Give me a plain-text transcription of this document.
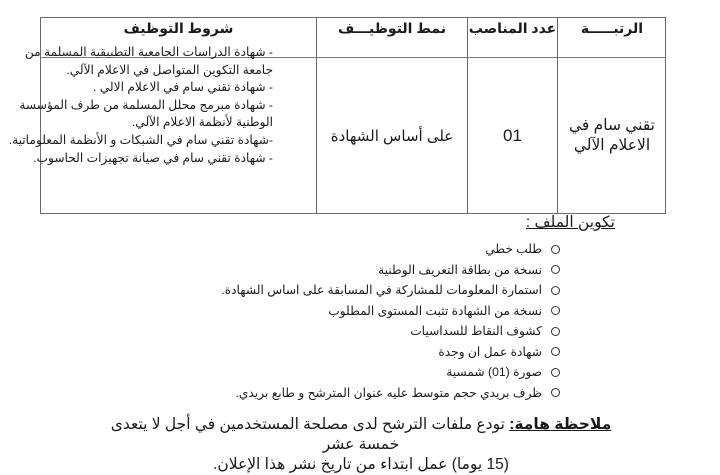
الرتبـــــة
عدد المناصب
نمط التوظيـــف
شروط التوظيف
تقني سام في
الاعلام الآلي
01
على أساس الشهادة
- شهادة الدراسات الجامعية التطبيقية المسلمة من
جامعة التكوين المتواصل في الاعلام الآلي.
- شهادة تقني سام في الاعلام الالي .
- شهادة مبرمج محلل المسلمة من طرف المؤسسة
الوطنية لأنظمة الاعلام الآلي.
-شهادة تقني سام في الشبكات و الأنظمة المعلوماتية.
- شهادة تقني سام في صيانة تجهيزات الحاسوب.
تكوين الملف :
طلب خطي
نسخة من بطاقة التعريف الوطنية
استمارة المعلومات للمشاركة في المسابقة على اساس الشهادة.
نسخة من الشهادة تثبت المستوى المطلوب
كشوف النقاط للسداسيات
شهادة عمل ان وجدة
صورة (01) شمسية
ظرف بريدي حجم متوسط عليه عنوان المترشح و طابع بريدي.
ملاحظة هامة: تودع ملفات الترشح لدى مصلحة المستخدمين في أجل لا يتعدى خمسة عشر
(15 يوما) عمل ابتداء من تاريخ نشر هذا الإعلان.
